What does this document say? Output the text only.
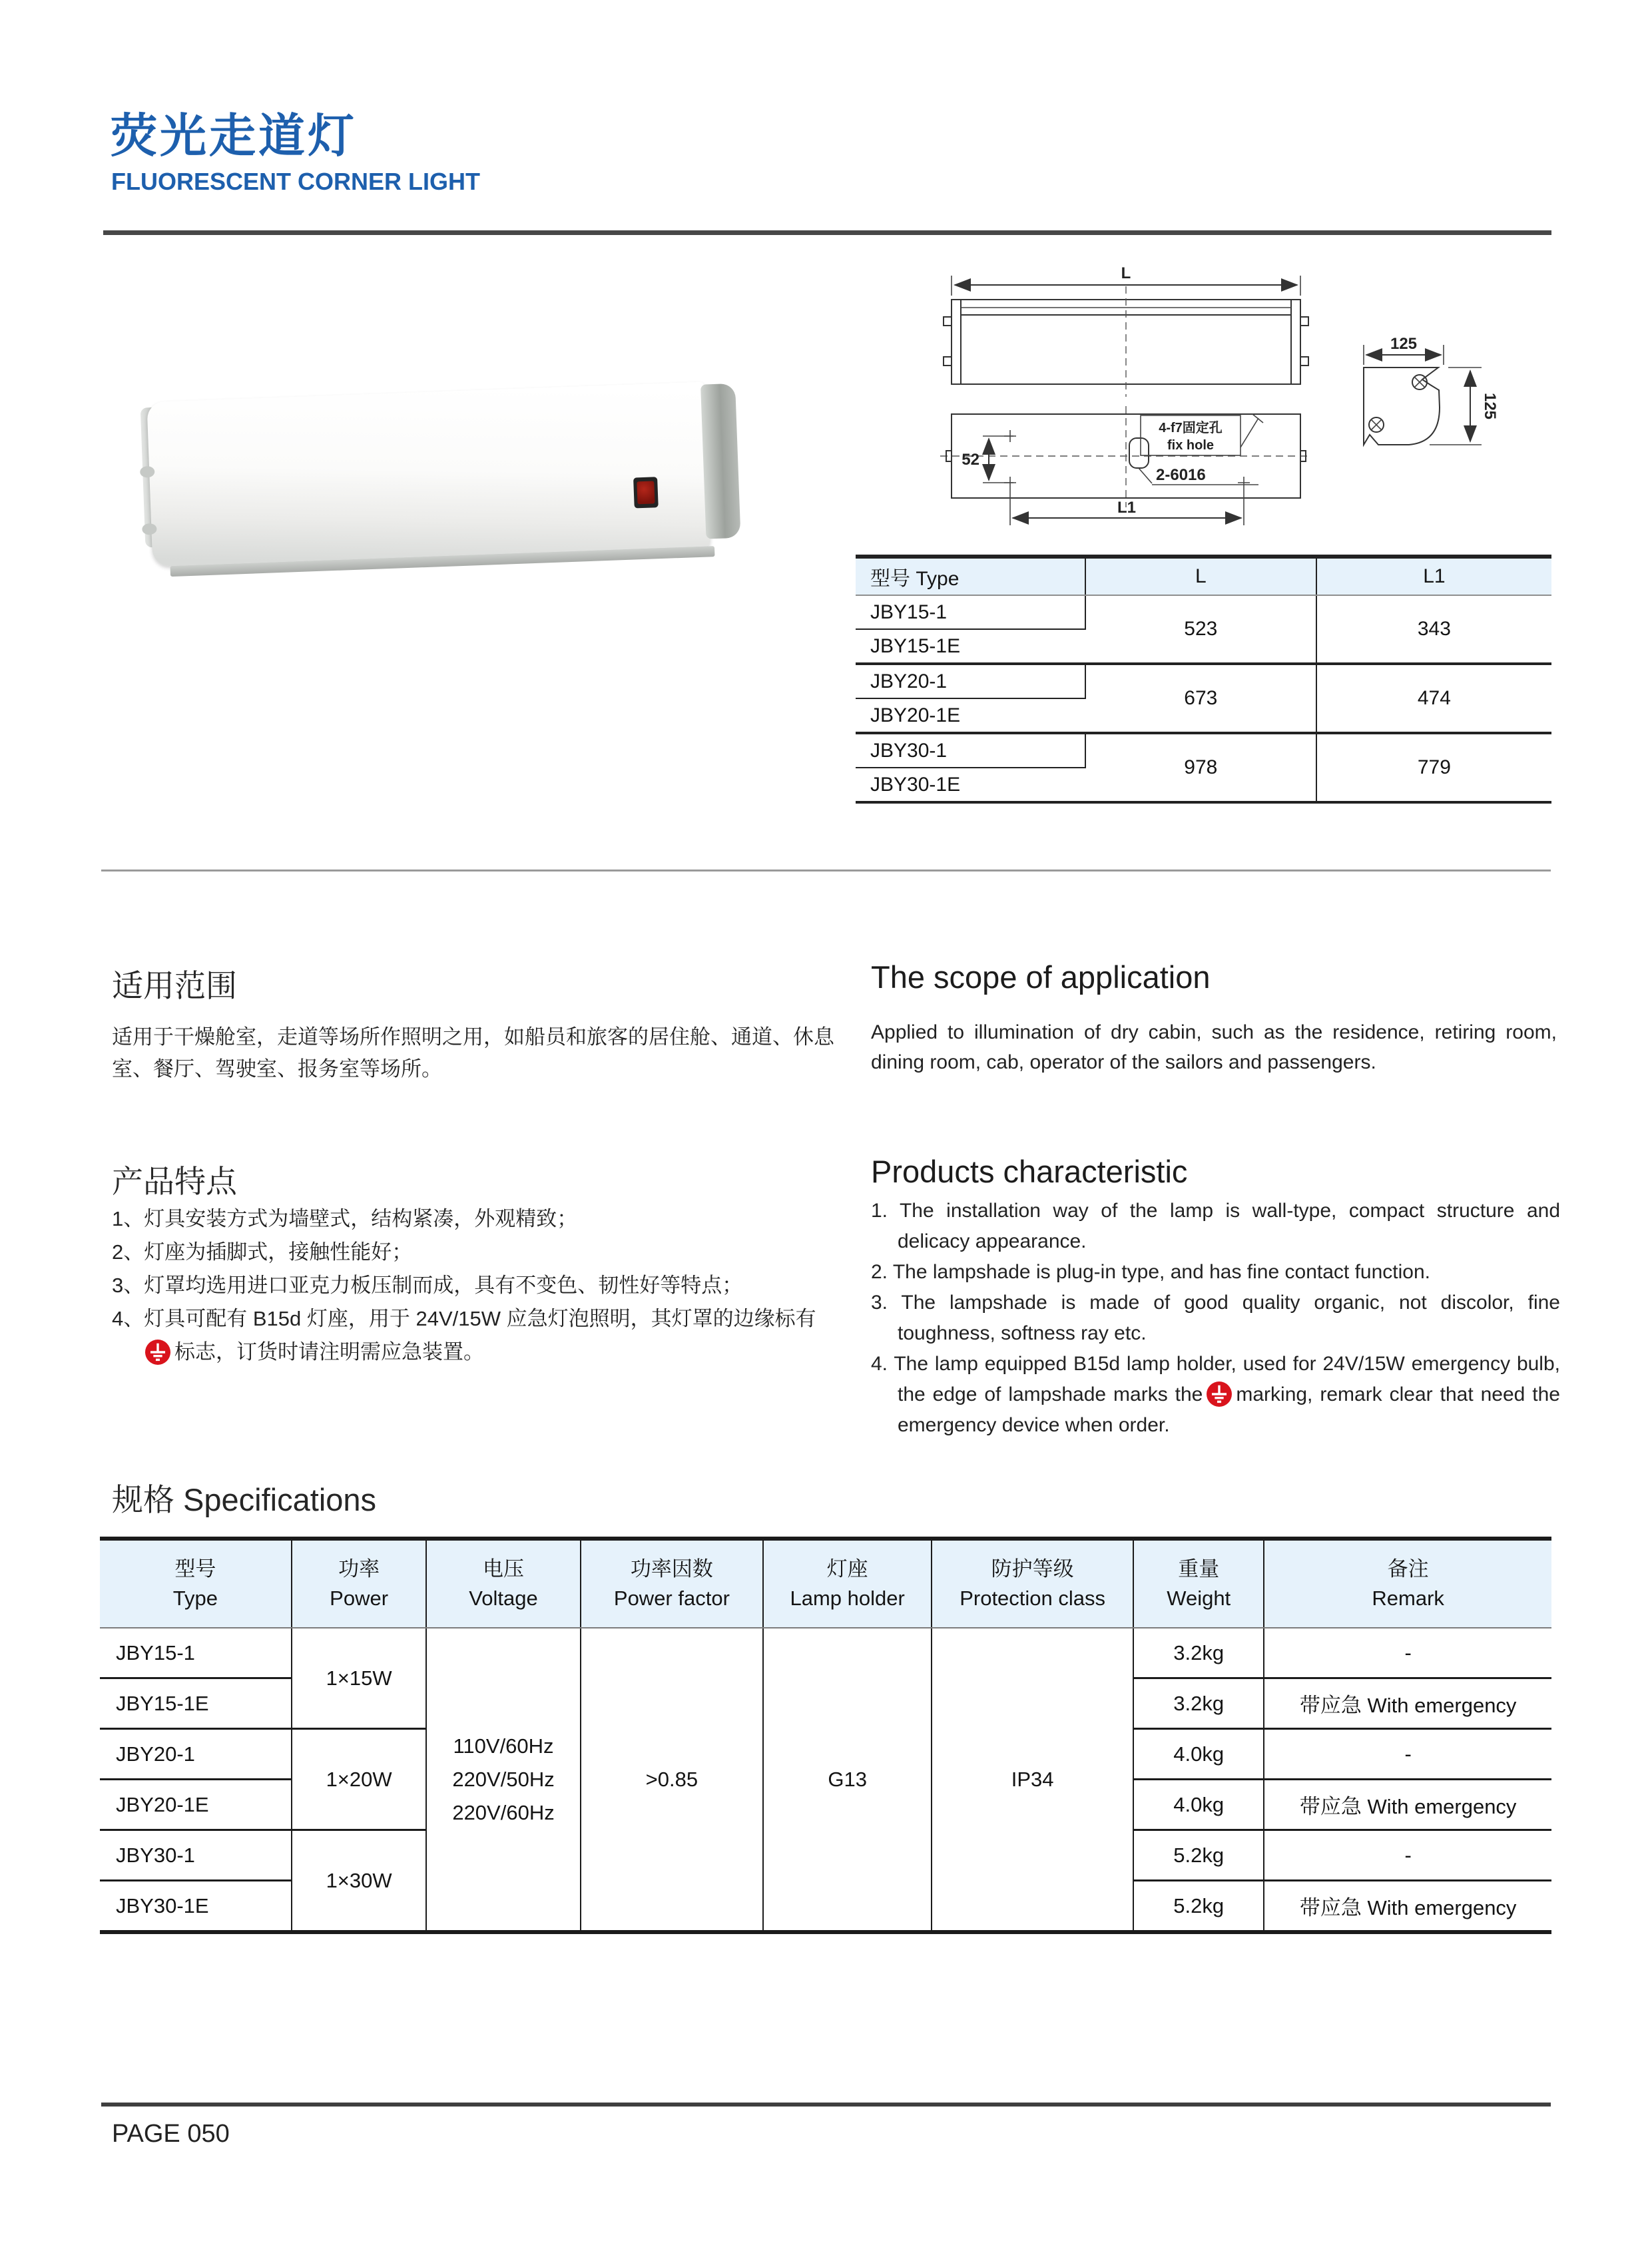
荧光走道灯
FLUORESCENT CORNER LIGHT
L
52
2-6016
4-f7固定孔
fix hole
L1
125
125
型号 Type	L	L1
JBY15-1	523	343
JBY15-1E		
JBY20-1	673	474
JBY20-1E		
JBY30-1	978	779
JBY30-1E		
适用范围
适用于干燥舱室，走道等场所作照明之用，如船员和旅客的居住舱、通道、休息室、餐厅、驾驶室、报务室等场所。
The scope of application
Applied to illumination of dry cabin, such as the residence, retiring room, dining room, cab, operator of the sailors and passengers.
产品特点

1、灯具安装方式为墙壁式，结构紧凑，外观精致；

2、灯座为插脚式，接触性能好；

3、灯罩均选用进口亚克力板压制而成，具有不变色、韧性好等特点；

4、灯具可配有 B15d 灯座，用于 24V/15W 应急灯泡照明，其灯罩的边缘标有
标志，订货时请注明需应急装置。

Products characteristic

1. The installation way of the lamp is wall-type, compact structure and delicacy appearance.

2. The lampshade is plug-in type, and has fine contact function.

3. The lampshade is made of good quality organic, not discolor, fine toughness, softness ray etc.

4. The lamp equipped B15d lamp holder, used for 24V/15W emergency bulb, the edge of lampshade marks the marking, remark clear that need the emergency device when order.

规格 Specifications
型号
Type

功率
Power

电压
Voltage

功率因数
Power factor

灯座
Lamp holder

防护等级
Protection class

重量
Weight

备注
Remark

JBY15-1	1×15W	110V/60Hz
220V/50Hz
220V/60Hz	>0.85	G13	IP34	3.2kg	-
JBY15-1E						3.2kg	带应急 With emergency
JBY20-1	1×20W					4.0kg	-
JBY20-1E						4.0kg	带应急 With emergency
JBY30-1	1×30W					5.2kg	-
JBY30-1E						5.2kg	带应急 With emergency
PAGE 050
